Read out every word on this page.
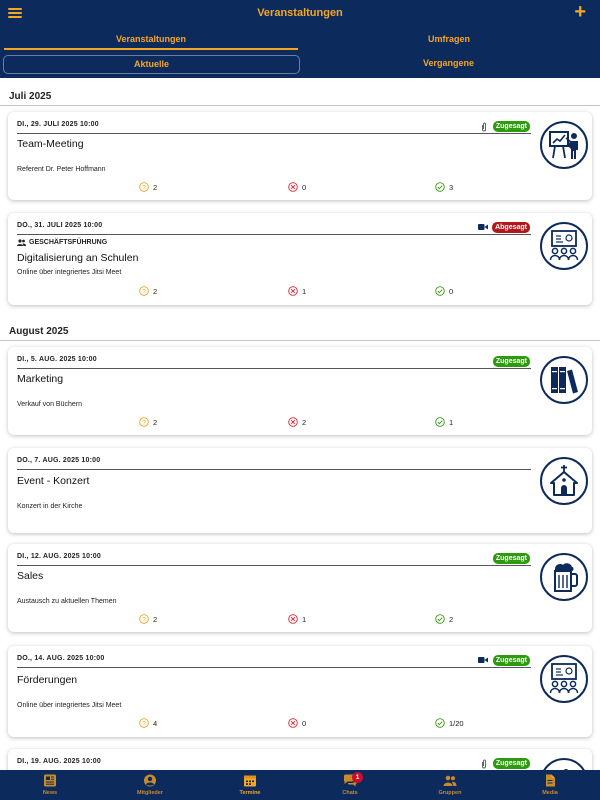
Veranstaltungen	+
Veranstaltungen	Umfragen
Aktuelle	Vergangene
Juli 2025
DI., 29. JULI 2025 10:00	Zugesagt
Team-Meeting
Referent Dr. Peter Hoffmann
? 2	0	3
DO., 31. JULI 2025 10:00	Abgesagt
GESCHÄFTSFÜHRUNG
Digitalisierung an Schulen
Online über integriertes Jitsi Meet
? 2	1	0
August 2025
DI., 5. AUG. 2025 10:00	Zugesagt
Marketing
Verkauf von Büchern
? 2	2	1
DO., 7. AUG. 2025 10:00
Event - Konzert
Konzert in der Kirche
DI., 12. AUG. 2025 10:00	Zugesagt
Sales
Austausch zu aktuellen Themen
? 2	1	2
DO., 14. AUG. 2025 10:00	Zugesagt
Förderungen
Online über integriertes Jitsi Meet
? 4	0	1/20
DI., 19. AUG. 2025 10:00	Zugesagt
News	Mitglieder	Termine
1
Chats	Gruppen	Media
